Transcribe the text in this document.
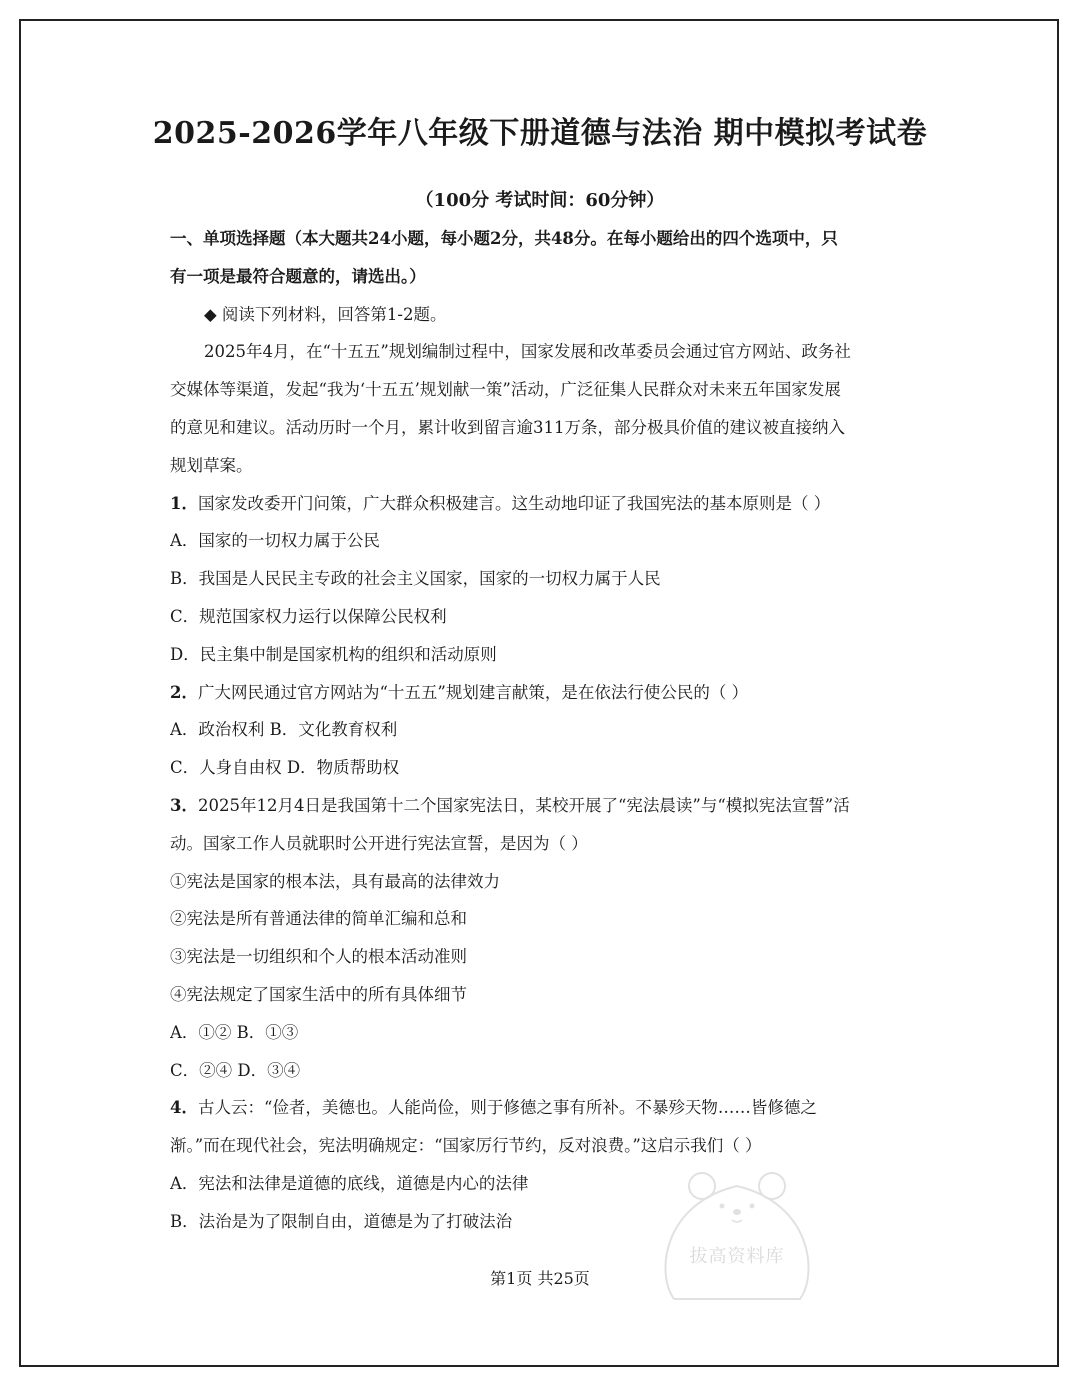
2025-2026学年八年级下册道德与法治 期中模拟考试卷
（100分 考试时间：60分钟）
一、单项选择题（本大题共24小题，每小题2分，共48分。在每小题给出的四个选项中，只
有一项是最符合题意的，请选出。）
◆ 阅读下列材料，回答第1-2题。
2025年4月，在“十五五”规划编制过程中，国家发展和改革委员会通过官方网站、政务社
交媒体等渠道，发起“我为‘十五五’规划献一策”活动，广泛征集人民群众对未来五年国家发展
的意见和建议。活动历时一个月，累计收到留言逾311万条，部分极具价值的建议被直接纳入
规划草案。
1．国家发改委开门问策，广大群众积极建言。这生动地印证了我国宪法的基本原则是（ ）
A．国家的一切权力属于公民
B．我国是人民民主专政的社会主义国家，国家的一切权力属于人民
C．规范国家权力运行以保障公民权利
D．民主集中制是国家机构的组织和活动原则
2．广大网民通过官方网站为“十五五”规划建言献策，是在依法行使公民的（ ）
A．政治权利 B．文化教育权利
C．人身自由权 D．物质帮助权
3．2025年12月4日是我国第十二个国家宪法日，某校开展了“宪法晨读”与“模拟宪法宣誓”活
动。国家工作人员就职时公开进行宪法宣誓，是因为（ ）
①宪法是国家的根本法，具有最高的法律效力
②宪法是所有普通法律的简单汇编和总和
③宪法是一切组织和个人的根本活动准则
④宪法规定了国家生活中的所有具体细节
A．①② B．①③
C．②④ D．③④
4．古人云：“俭者，美德也。人能尚俭，则于修德之事有所补。不暴殄天物……皆修德之
渐。”而在现代社会，宪法明确规定：“国家厉行节约，反对浪费。”这启示我们（ ）
A．宪法和法律是道德的底线，道德是内心的法律
B．法治是为了限制自由，道德是为了打破法治
拔高资料库
第1页 共25页
